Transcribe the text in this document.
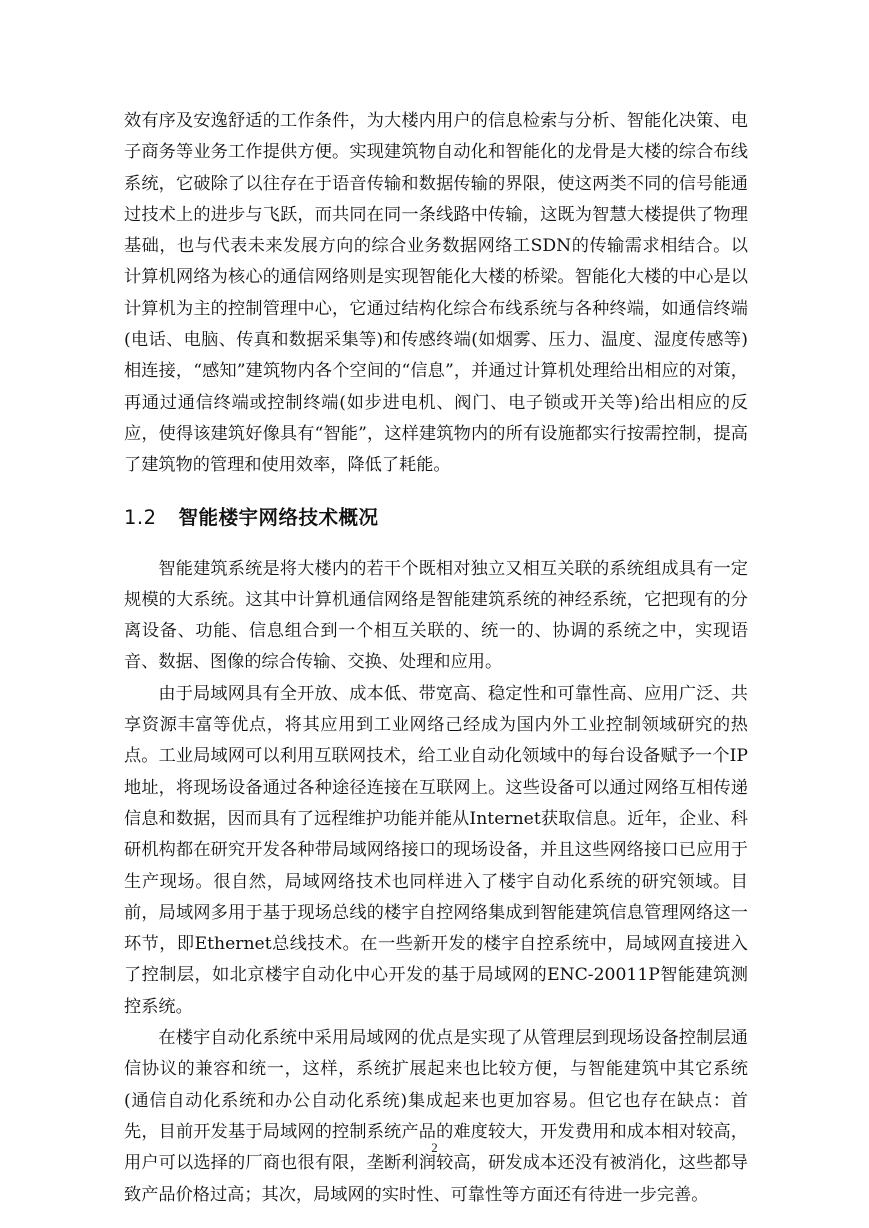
效有序及安逸舒适的工作条件，为大楼内用户的信息检索与分析、智能化决策、电子商务等业务工作提供方便。实现建筑物自动化和智能化的龙骨是大楼的综合布线系统，它破除了以往存在于语音传输和数据传输的界限，使这两类不同的信号能通过技术上的进步与飞跃，而共同在同一条线路中传输，这既为智慧大楼提供了物理基础，也与代表未来发展方向的综合业务数据网络工SDN的传输需求相结合。以计算机网络为核心的通信网络则是实现智能化大楼的桥梁。智能化大楼的中心是以计算机为主的控制管理中心，它通过结构化综合布线系统与各种终端，如通信终端(电话、电脑、传真和数据采集等)和传感终端(如烟雾、压力、温度、湿度传感等)相连接，“感知”建筑物内各个空间的“信息”，并通过计算机处理给出相应的对策，再通过通信终端或控制终端(如步进电机、阀门、电子锁或开关等)给出相应的反应，使得该建筑好像具有“智能”，这样建筑物内的所有设施都实行按需控制，提高了建筑物的管理和使用效率，降低了耗能。

1.2 智能楼宇网络技术概况

智能建筑系统是将大楼内的若干个既相对独立又相互关联的系统组成具有一定规模的大系统。这其中计算机通信网络是智能建筑系统的神经系统，它把现有的分离设备、功能、信息组合到一个相互关联的、统一的、协调的系统之中，实现语音、数据、图像的综合传输、交换、处理和应用。

由于局域网具有全开放、成本低、带宽高、稳定性和可靠性高、应用广泛、共享资源丰富等优点，将其应用到工业网络己经成为国内外工业控制领域研究的热点。工业局域网可以利用互联网技术，给工业自动化领域中的每台设备赋予一个IP地址，将现场设备通过各种途径连接在互联网上。这些设备可以通过网络互相传递信息和数据，因而具有了远程维护功能并能从Internet获取信息。近年，企业、科研机构都在研究开发各种带局域网络接口的现场设备，并且这些网络接口已应用于生产现场。很自然，局域网络技术也同样进入了楼宇自动化系统的研究领域。目前，局域网多用于基于现场总线的楼宇自控网络集成到智能建筑信息管理网络这一环节，即Ethernet总线技术。在一些新开发的楼宇自控系统中，局域网直接进入了控制层，如北京楼宇自动化中心开发的基于局域网的ENC-20011P智能建筑测控系统。

在楼宇自动化系统中采用局域网的优点是实现了从管理层到现场设备控制层通信协议的兼容和统一，这样，系统扩展起来也比较方便，与智能建筑中其它系统(通信自动化系统和办公自动化系统)集成起来也更加容易。但它也存在缺点：首先，目前开发基于局域网的控制系统产品的难度较大，开发费用和成本相对较高，用户可以选择的厂商也很有限，垄断利润较高，研发成本还没有被消化，这些都导致产品价格过高；其次，局域网的实时性、可靠性等方面还有待进一步完善。

2
